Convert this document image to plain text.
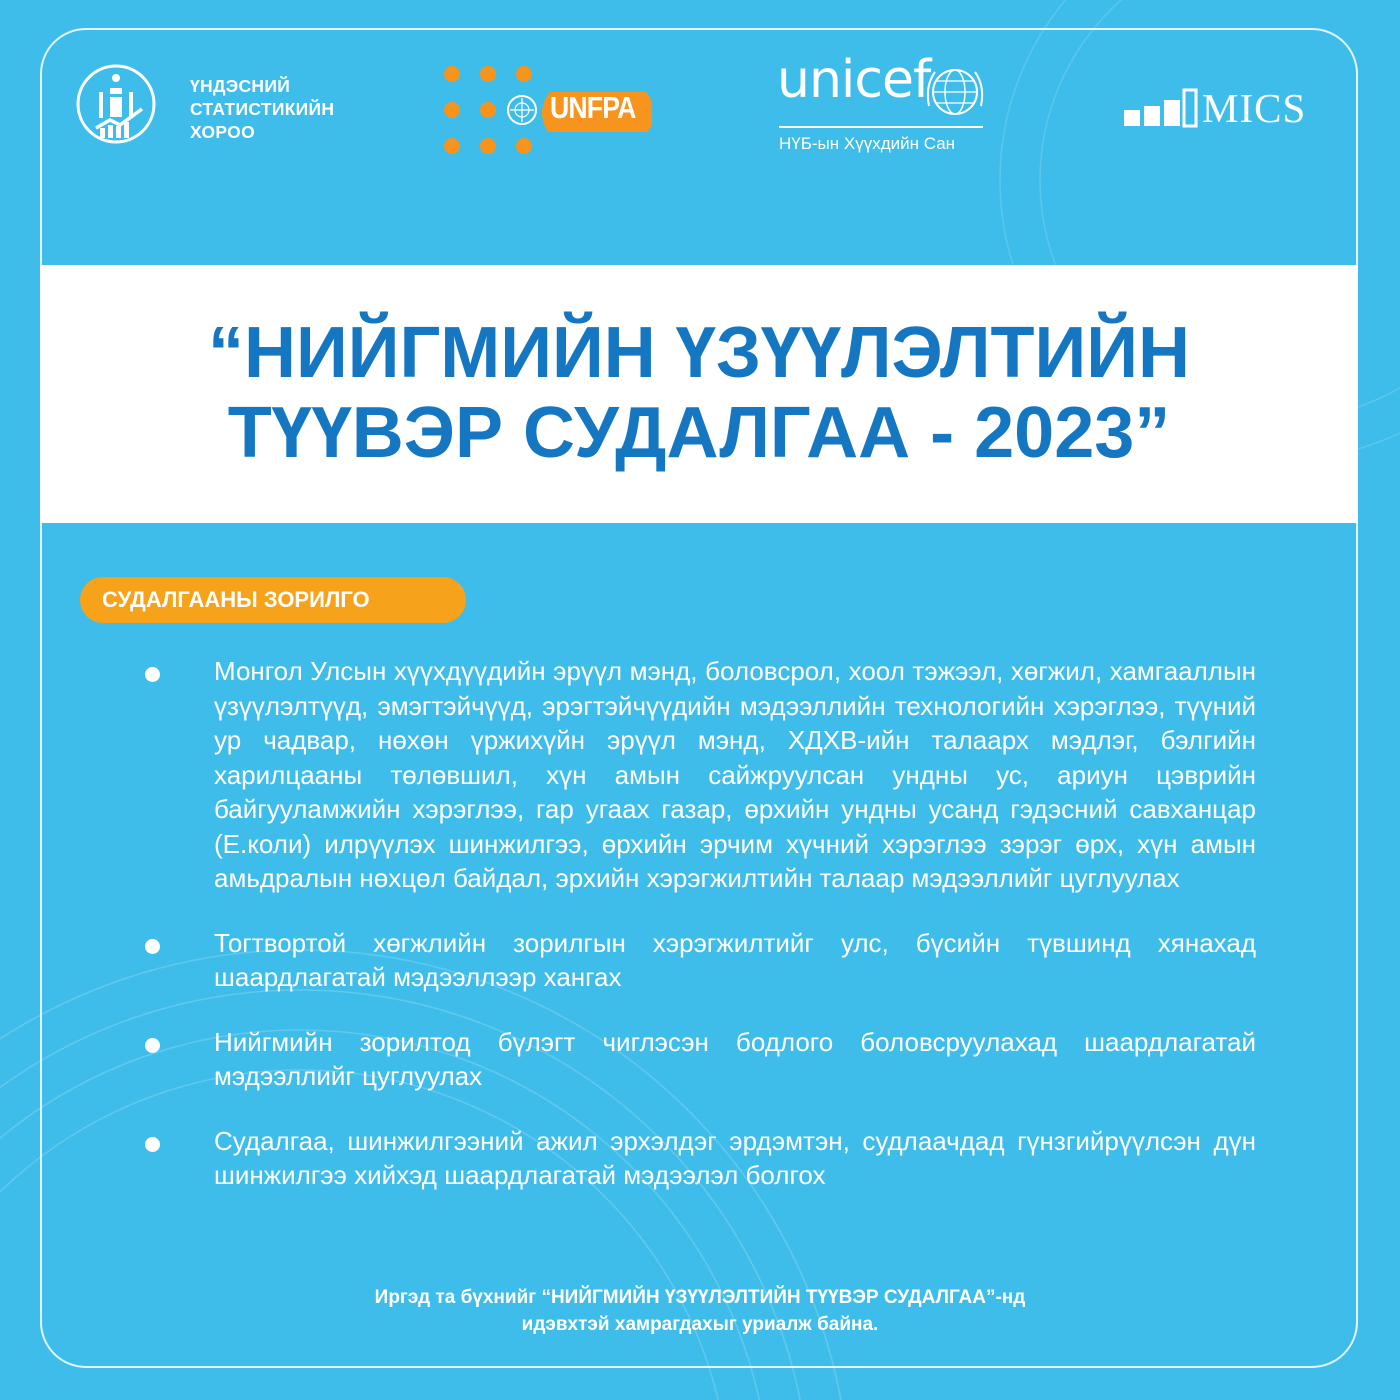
ҮНДЭСНИЙ
СТАТИСТИКИЙН
ХОРОО
UNFPA	unicef
НҮБ-ын Хүүхдийн Сан
MICS
“НИЙГМИЙН ҮЗҮҮЛЭЛТИЙН
ТҮҮВЭР СУДАЛГАА - 2023”
СУДАЛГААНЫ ЗОРИЛГО

Монгол Улсын хүүхдүүдийн эрүүл мэнд, боловсрол, хоол тэжээл, хөгжил, хамгааллын үзүүлэлтүүд, эмэгтэйчүүд, эрэгтэйчүүдийн мэдээллийн технологийн хэрэглээ, түүний ур чадвар, нөхөн үржихүйн эрүүл мэнд, ХДХВ-ийн талаарх мэдлэг, бэлгийн харилцааны төлөвшил, хүн амын сайжруулсан ундны ус, ариун цэврийн байгууламжийн хэрэглээ, гар угаах газар, өрхийн ундны усанд гэдэсний савханцар (Е.коли) илрүүлэх шинжилгээ, өрхийн эрчим хүчний хэрэглээ зэрэг өрх, хүн амын амьдралын нөхцөл байдал, эрхийн хэрэгжилтийн талаар мэдээллийг цуглуулах

Тогтвортой хөгжлийн зорилгын хэрэгжилтийг улс, бүсийн түвшинд хянахад шаардлагатай мэдээллээр хангах

Нийгмийн зорилтод бүлэгт чиглэсэн бодлого боловсруулахад шаардлагатай мэдээллийг цуглуулах

Судалгаа, шинжилгээний ажил эрхэлдэг эрдэмтэн, судлаачдад гүнзгийрүүлсэн дүн шинжилгээ хийхэд шаардлагатай мэдээлэл болгох

Иргэд та бүхнийг “НИЙГМИЙН ҮЗҮҮЛЭЛТИЙН ТҮҮВЭР СУДАЛГАА”-нд
идэвхтэй хамрагдахыг уриалж байна.
